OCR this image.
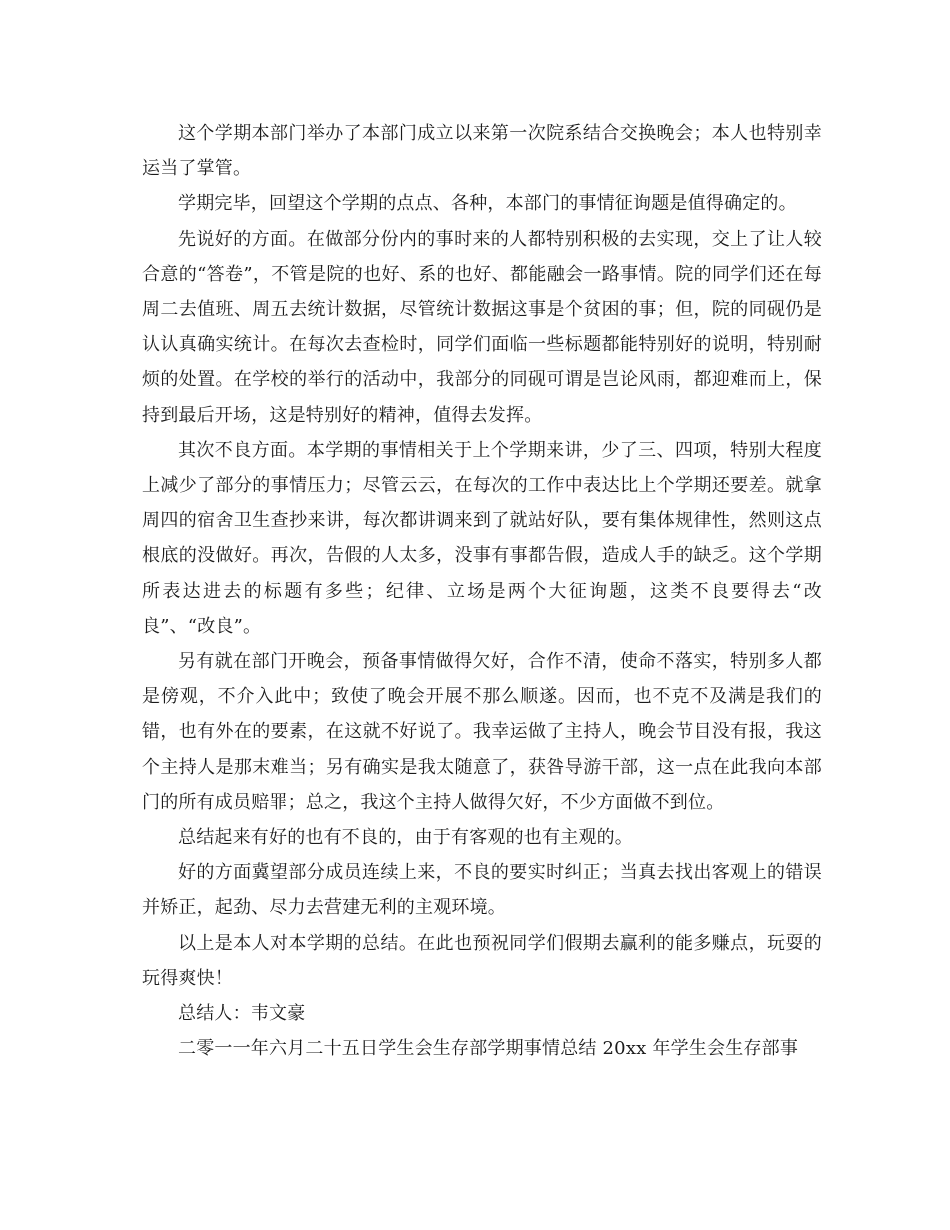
这个学期本部门举办了本部门成立以来第一次院系结合交换晚会；本人也特别幸运当了掌管。

学期完毕，回望这个学期的点点、各种，本部门的事情征询题是值得确定的。

先说好的方面。在做部分份内的事时来的人都特别积极的去实现，交上了让人较合意的“答卷”，不管是院的也好、系的也好、都能融会一路事情。院的同学们还在每周二去值班、周五去统计数据，尽管统计数据这事是个贫困的事；但，院的同砚仍是认认真确实统计。在每次去查检时，同学们面临一些标题都能特别好的说明，特别耐烦的处置。在学校的举行的活动中，我部分的同砚可谓是岂论风雨，都迎难而上，保持到最后开场，这是特别好的精神，值得去发挥。

其次不良方面。本学期的事情相关于上个学期来讲，少了三、四项，特别大程度上减少了部分的事情压力；尽管云云，在每次的工作中表达比上个学期还要差。就拿周四的宿舍卫生查抄来讲，每次都讲调来到了就站好队，要有集体规律性，然则这点根底的没做好。再次，告假的人太多，没事有事都告假，造成人手的缺乏。这个学期所表达进去的标题有多些；纪律、立场是两个大征询题，这类不良要得去“改良”、“改良”。

另有就在部门开晚会，预备事情做得欠好，合作不清，使命不落实，特别多人都是傍观，不介入此中；致使了晚会开展不那么顺遂。因而，也不克不及满是我们的错，也有外在的要素，在这就不好说了。我幸运做了主持人，晚会节目没有报，我这个主持人是那末难当；另有确实是我太随意了，获咎导游干部，这一点在此我向本部门的所有成员赔罪；总之，我这个主持人做得欠好，不少方面做不到位。

总结起来有好的也有不良的，由于有客观的也有主观的。

好的方面冀望部分成员连续上来，不良的要实时纠正；当真去找出客观上的错误并矫正，起劲、尽力去营建无利的主观环境。

以上是本人对本学期的总结。在此也预祝同学们假期去赢利的能多赚点，玩耍的玩得爽快！

总结人：韦文豪

二零一一年六月二十五日学生会生存部学期事情总结 20xx 年学生会生存部事
